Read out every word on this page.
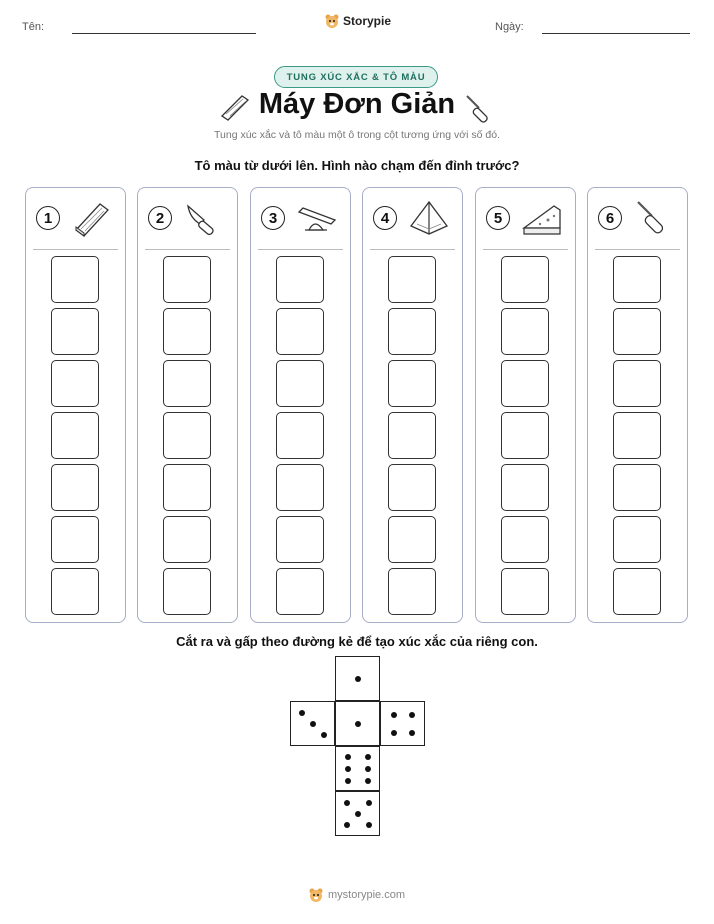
Tên:	Storypie	Ngày:
TUNG XÚC XẮC & TÔ MÀU
Máy Đơn Giản
Tung xúc xắc và tô màu một ô trong cột tương ứng với số đó.
Tô màu từ dưới lên. Hình nào chạm đến đỉnh trước?
1	2	3	4	5	6
Cắt ra và gấp theo đường kẻ để tạo xúc xắc của riêng con.
mystorypie.com
